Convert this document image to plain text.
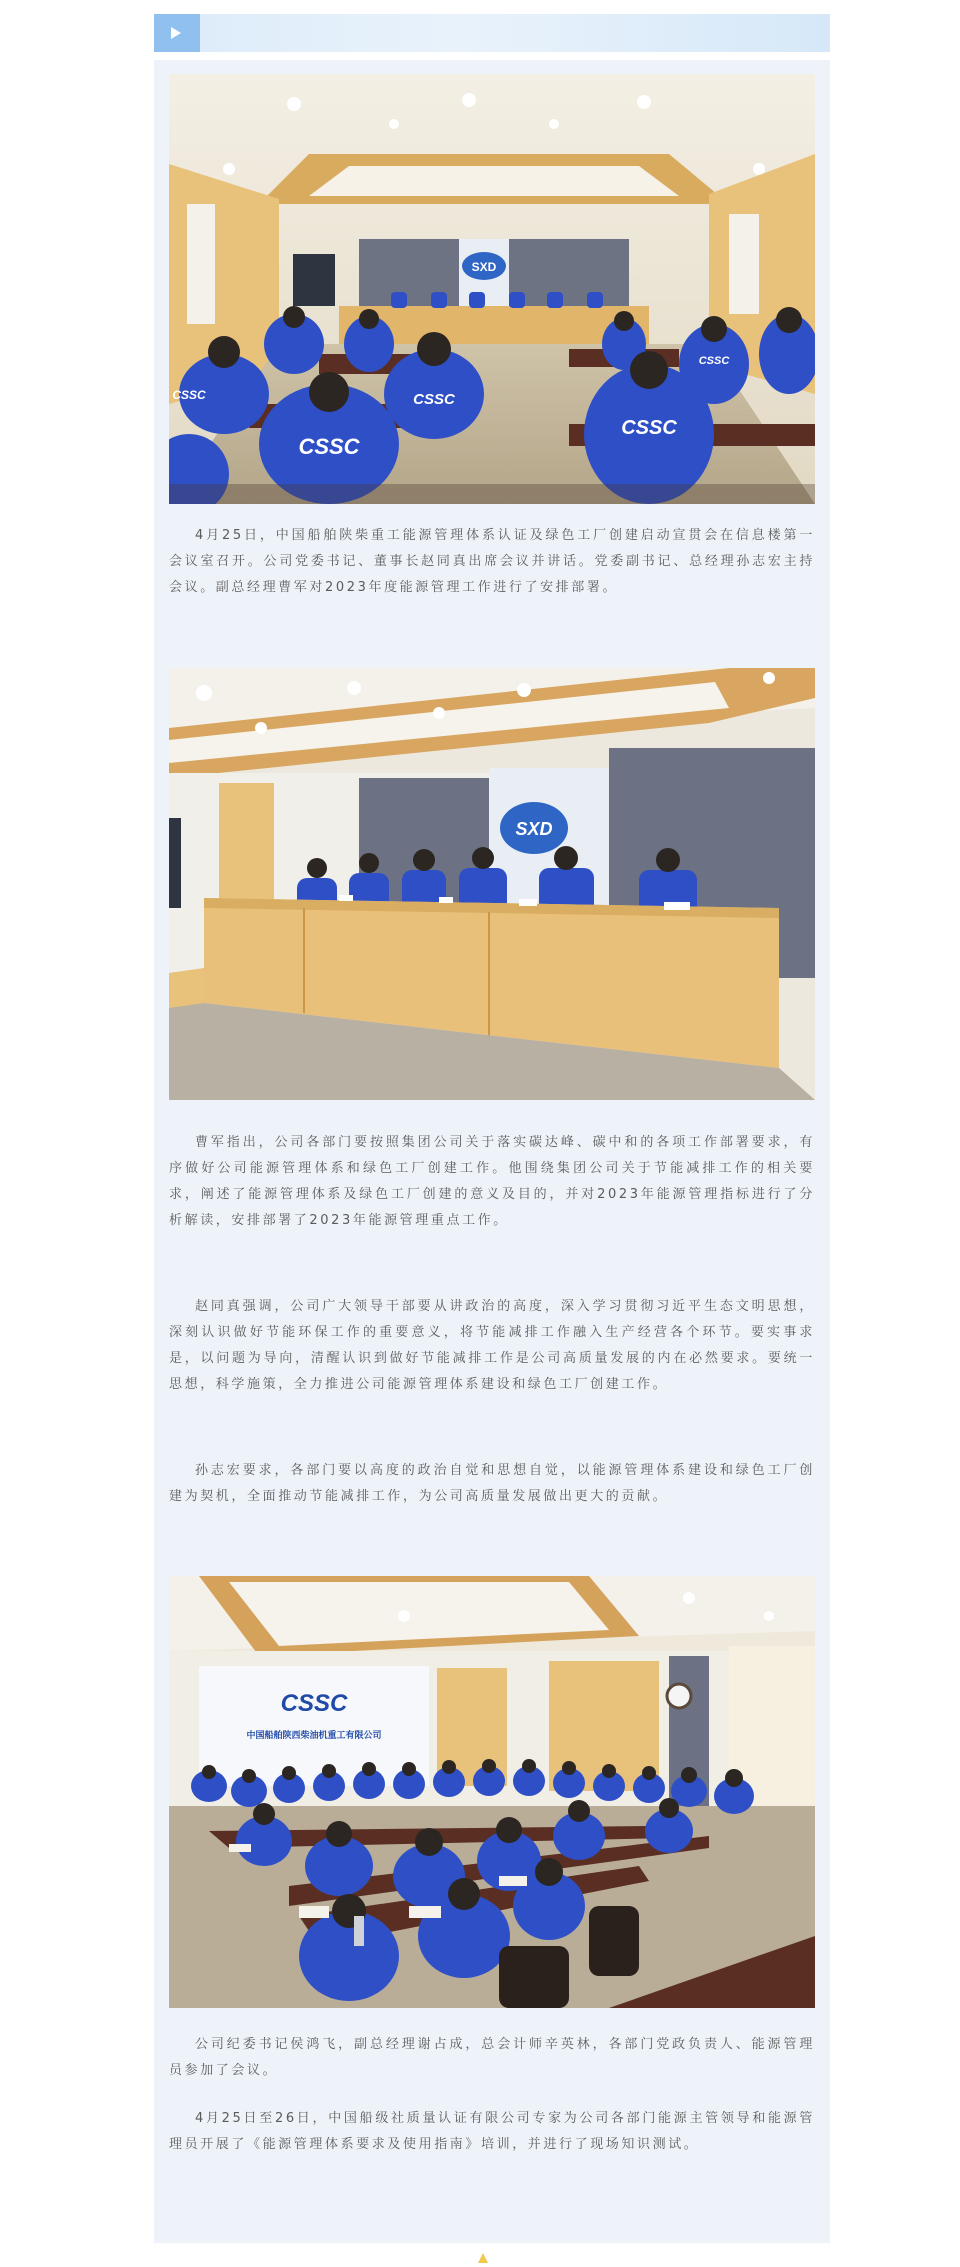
SXD
CSSC
CSSC
CSSC
CSSC
CSSC

4月25日，中国船舶陕柴重工能源管理体系认证及绿色工厂创建启动宣贯会在信息楼第一会议室召开。公司党委书记、董事长赵同真出席会议并讲话。党委副书记、总经理孙志宏主持会议。副总经理曹军对2023年度能源管理工作进行了安排部署。

SXD

曹军指出，公司各部门要按照集团公司关于落实碳达峰、碳中和的各项工作部署要求，有序做好公司能源管理体系和绿色工厂创建工作。他围绕集团公司关于节能减排工作的相关要求，阐述了能源管理体系及绿色工厂创建的意义及目的，并对2023年能源管理指标进行了分析解读，安排部署了2023年能源管理重点工作。

赵同真强调，公司广大领导干部要从讲政治的高度，深入学习贯彻习近平生态文明思想，深刻认识做好节能环保工作的重要意义，将节能减排工作融入生产经营各个环节。要实事求是，以问题为导向，清醒认识到做好节能减排工作是公司高质量发展的内在必然要求。要统一思想，科学施策，全力推进公司能源管理体系建设和绿色工厂创建工作。

孙志宏要求，各部门要以高度的政治自觉和思想自觉，以能源管理体系建设和绿色工厂创建为契机，全面推动节能减排工作，为公司高质量发展做出更大的贡献。

CSSC
中国船舶陕西柴油机重工有限公司

公司纪委书记侯鸿飞，副总经理谢占成，总会计师辛英林，各部门党政负责人、能源管理员参加了会议。

4月25日至26日，中国船级社质量认证有限公司专家为公司各部门能源主管领导和能源管理员开展了《能源管理体系要求及使用指南》培训，并进行了现场知识测试。
